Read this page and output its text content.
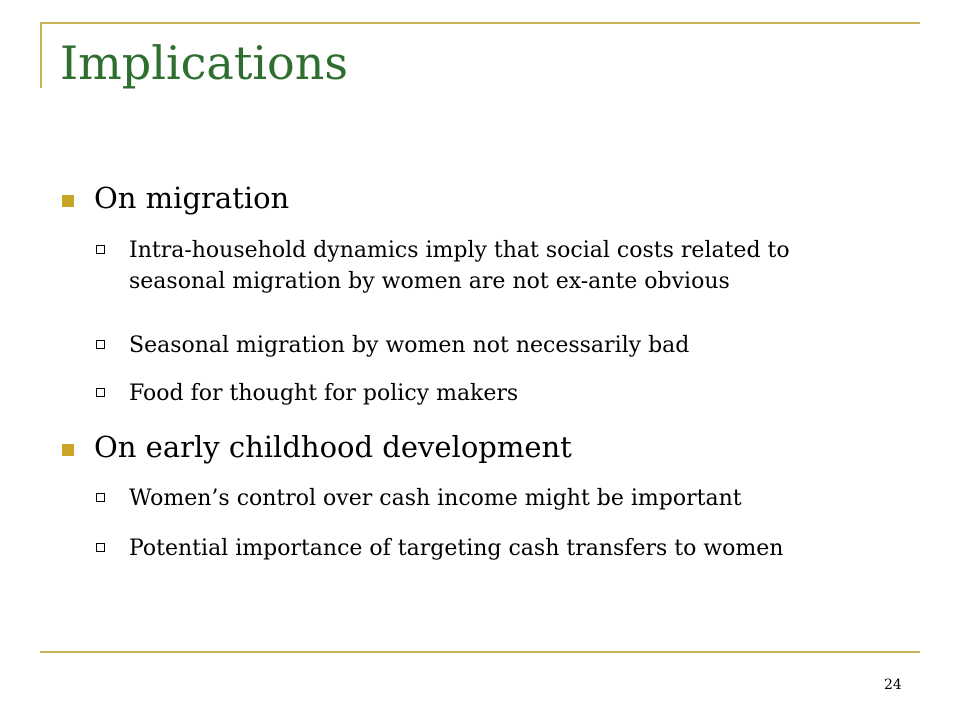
Implications
On migration
Intra-household dynamics imply that social costs related to seasonal migration by women are not ex-ante obvious
Seasonal migration by women not necessarily bad
Food for thought for policy makers
On early childhood development
Women’s control over cash income might be important
Potential importance of targeting cash transfers to women
24
